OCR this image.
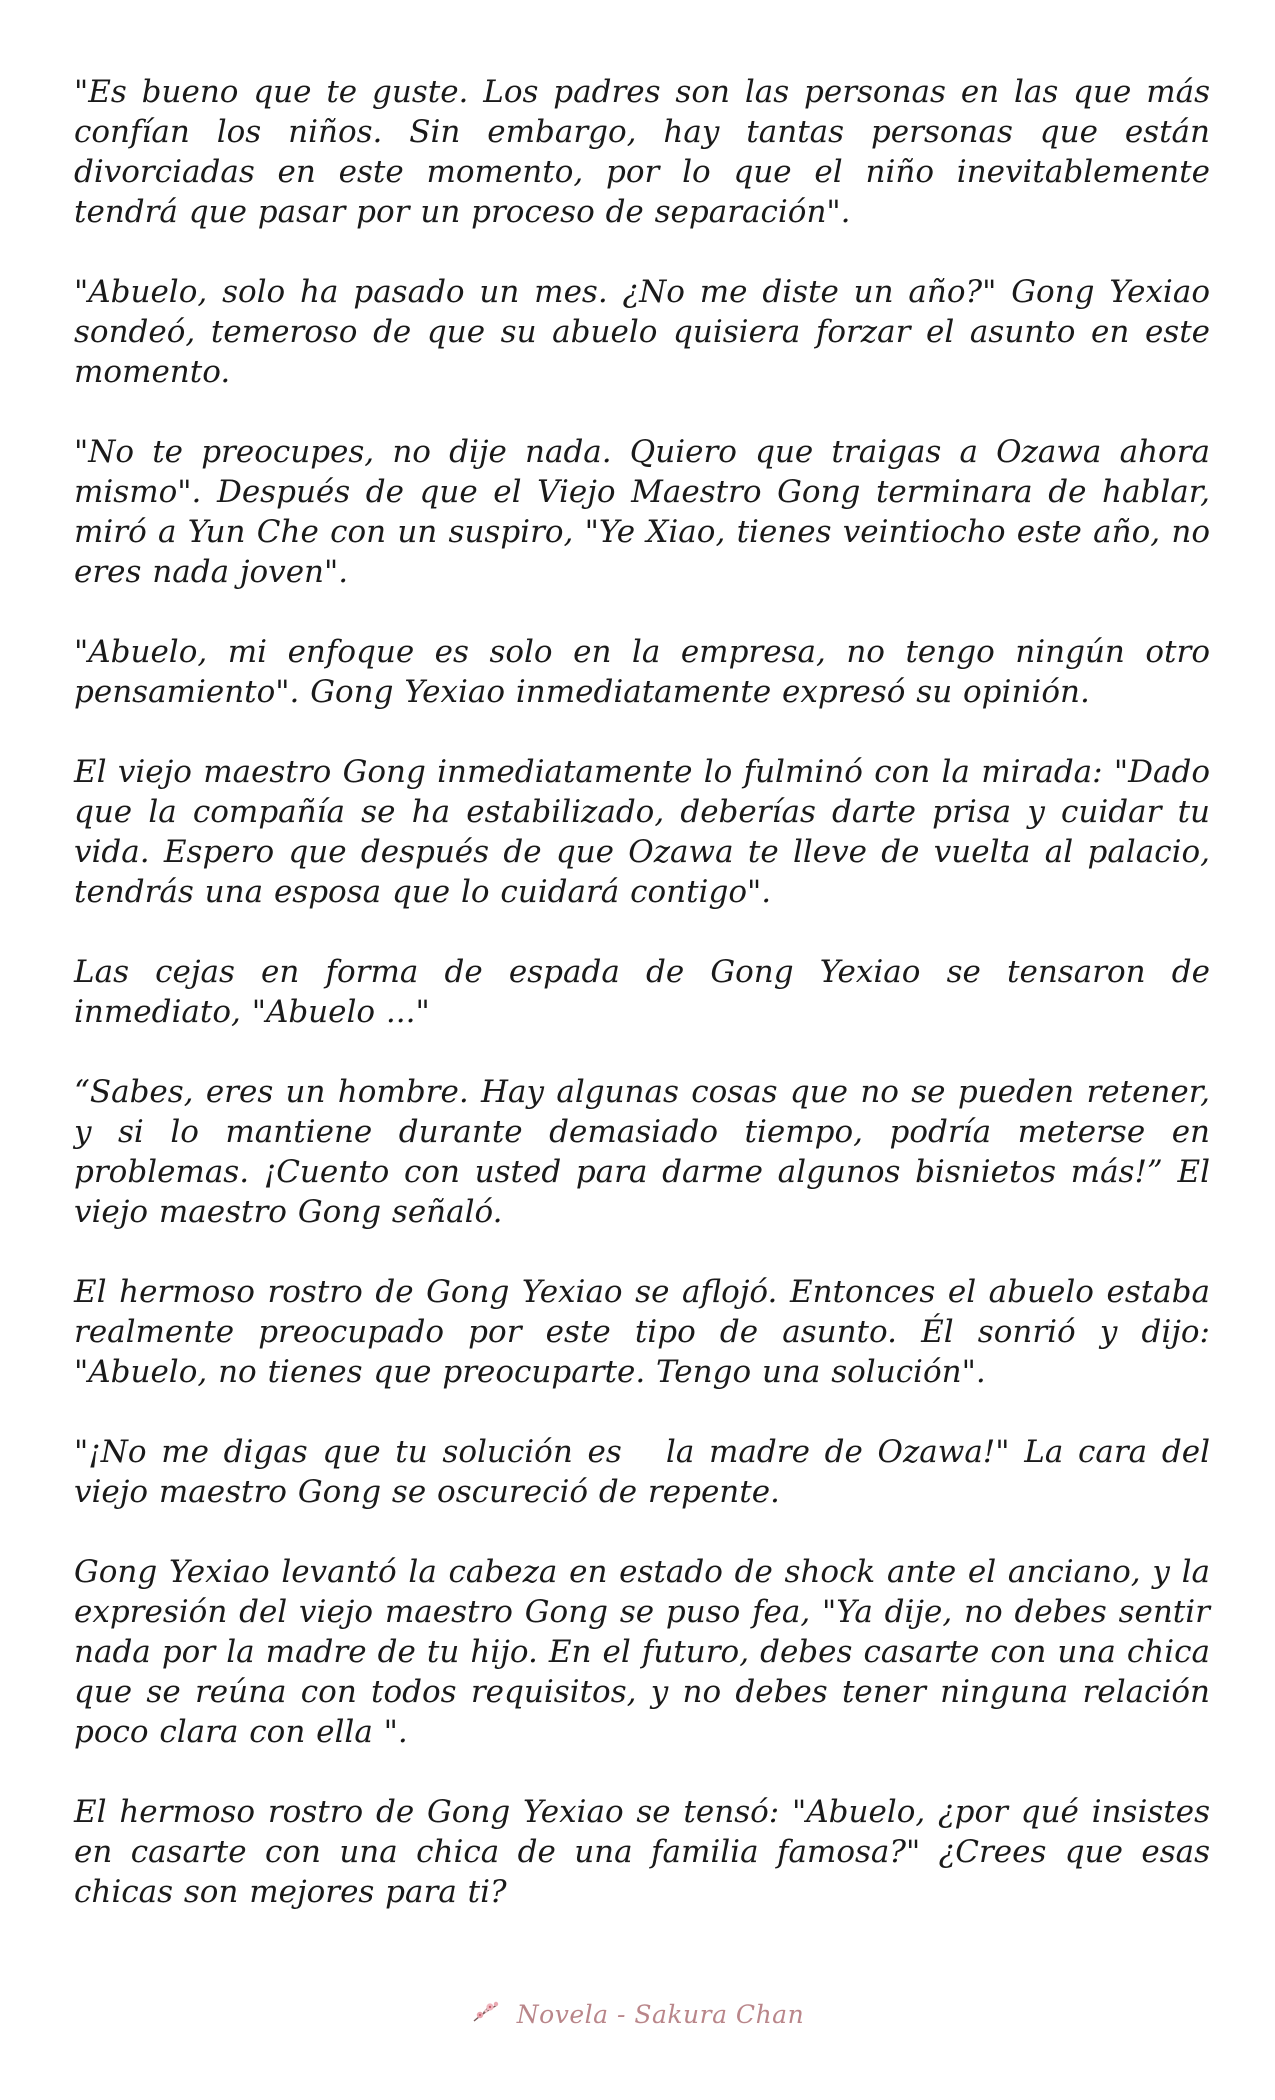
"Es bueno que te guste. Los padres son las personas en las que más confían los niños. Sin embargo, hay tantas personas que están divorciadas en este momento, por lo que el niño inevitablemente tendrá que pasar por un proceso de separación".

"Abuelo, solo ha pasado un mes. ¿No me diste un año?" Gong Yexiao sondeó, temeroso de que su abuelo quisiera forzar el asunto en este momento.

"No te preocupes, no dije nada. Quiero que traigas a Ozawa ahora mismo". Después de que el Viejo Maestro Gong terminara de hablar, miró a Yun Che con un suspiro, "Ye Xiao, tienes veintiocho este año, no eres nada joven".

"Abuelo, mi enfoque es solo en la empresa, no tengo ningún otro pensamiento". Gong Yexiao inmediatamente expresó su opinión.

El viejo maestro Gong inmediatamente lo fulminó con la mirada: "Dado que la compañía se ha estabilizado, deberías darte prisa y cuidar tu vida. Espero que después de que Ozawa te lleve de vuelta al palacio, tendrás una esposa que lo cuidará contigo".

Las cejas en forma de espada de Gong Yexiao se tensaron de inmediato, "Abuelo ..."

“Sabes, eres un hombre. Hay algunas cosas que no se pueden retener, y si lo mantiene durante demasiado tiempo, podría meterse en problemas. ¡Cuento con usted para darme algunos bisnietos más!” El viejo maestro Gong señaló.

El hermoso rostro de Gong Yexiao se aflojó. Entonces el abuelo estaba realmente preocupado por este tipo de asunto. Él sonrió y dijo: "Abuelo, no tienes que preocuparte. Tengo una solución".

"¡No me digas que tu solución es   la madre de Ozawa!" La cara del viejo maestro Gong se oscureció de repente.

Gong Yexiao levantó la cabeza en estado de shock ante el anciano, y la expresión del viejo maestro Gong se puso fea, "Ya dije, no debes sentir nada por la madre de tu hijo. En el futuro, debes casarte con una chica que se reúna con todos requisitos, y no debes tener ninguna relación poco clara con ella ".

El hermoso rostro de Gong Yexiao se tensó: "Abuelo, ¿por qué insistes en casarte con una chica de una familia famosa?" ¿Crees que esas chicas son mejores para ti?

Novela - Sakura Chan
